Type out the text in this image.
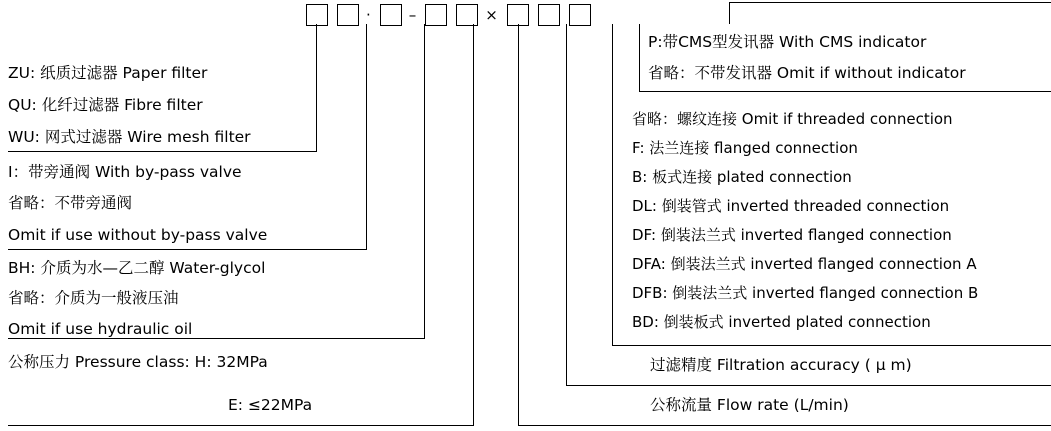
·	–	×
ZU: 纸质过滤器 Paper filter
QU: 化纤过滤器 Fibre filter
WU: 网式过滤器 Wire mesh filter
I：带旁通阀 With by-pass valve
省略：不带旁通阀
Omit if use without by-pass valve
BH: 介质为水—乙二醇 Water-glycol
省略：介质为一般液压油
Omit if use hydraulic oil
公称压力 Pressure class: H: 32MPa
E: ≤22MPa
P:带CMS型发讯器 With CMS indicator
省略：不带发讯器 Omit if without indicator
省略：螺纹连接 Omit if threaded connection
F: 法兰连接 flanged connection
B: 板式连接 plated connection
DL: 倒装管式 inverted threaded connection
DF: 倒装法兰式 inverted flanged connection
DFA: 倒装法兰式 inverted flanged connection A
DFB: 倒装法兰式 inverted flanged connection B
BD: 倒装板式 inverted plated connection
过滤精度 Filtration accuracy ( μ m)
公称流量 Flow rate (L/min)
